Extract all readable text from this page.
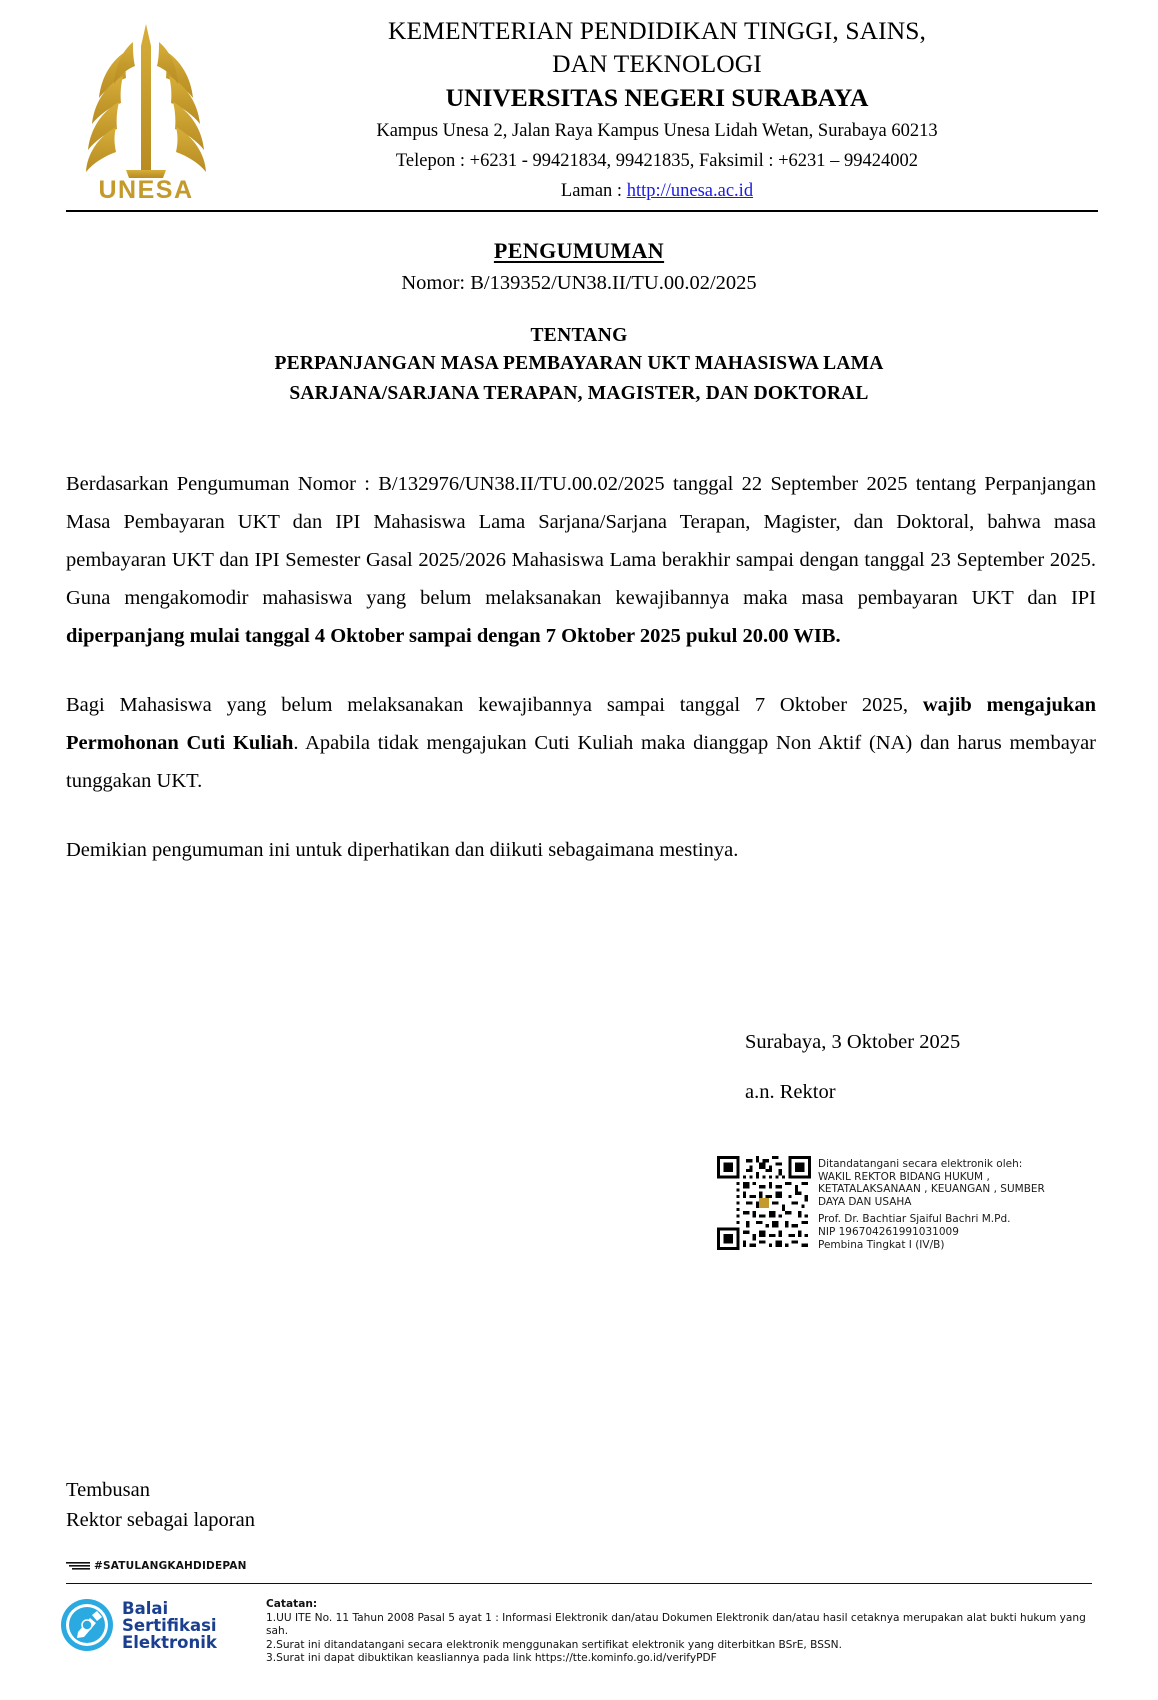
UNESA
KEMENTERIAN PENDIDIKAN TINGGI, SAINS,
DAN TEKNOLOGI
UNIVERSITAS NEGERI SURABAYA
Kampus Unesa 2, Jalan Raya Kampus Unesa Lidah Wetan, Surabaya 60213
Telepon : +6231 - 99421834, 99421835, Faksimil : +6231 – 99424002
Laman : http://unesa.ac.id
PENGUMUMAN
Nomor: B/139352/UN38.II/TU.00.02/2025
TENTANG
PERPANJANGAN MASA PEMBAYARAN UKT MAHASISWA LAMA
SARJANA/SARJANA TERAPAN, MAGISTER, DAN DOKTORAL

Berdasarkan Pengumuman Nomor : B/132976/UN38.II/TU.00.02/2025 tanggal 22 September 2025 tentang Perpanjangan Masa Pembayaran UKT dan IPI Mahasiswa Lama Sarjana/Sarjana Terapan, Magister, dan Doktoral, bahwa masa pembayaran UKT dan IPI Semester Gasal 2025/2026 Mahasiswa Lama berakhir sampai dengan tanggal 23 September 2025. Guna mengakomodir mahasiswa yang belum melaksanakan kewajibannya maka masa pembayaran UKT dan IPI diperpanjang mulai tanggal 4 Oktober sampai dengan 7 Oktober 2025 pukul 20.00 WIB.

Bagi Mahasiswa yang belum melaksanakan kewajibannya sampai tanggal 7 Oktober 2025, wajib mengajukan Permohonan Cuti Kuliah. Apabila tidak mengajukan Cuti Kuliah maka dianggap Non Aktif (NA) dan harus membayar tunggakan UKT.

Demikian pengumuman ini untuk diperhatikan dan diikuti sebagaimana mestinya.

Surabaya, 3 Oktober 2025
a.n. Rektor
Ditandatangani secara elektronik oleh:
WAKIL REKTOR BIDANG HUKUM ,
KETATALAKSANAAN , KEUANGAN , SUMBER
DAYA DAN USAHA
Prof. Dr. Bachtiar Sjaiful Bachri M.Pd.
NIP 196704261991031009
Pembina Tingkat I (IV/B)
Tembusan
Rektor sebagai laporan
#SATULANGKAHDIDEPAN
Balai
Sertifikasi
Elektronik
Catatan:
1.UU ITE No. 11 Tahun 2008 Pasal 5 ayat 1 : Informasi Elektronik dan/atau Dokumen Elektronik dan/atau hasil cetaknya merupakan alat bukti hukum yang sah.
2.Surat ini ditandatangani secara elektronik menggunakan sertifikat elektronik yang diterbitkan BSrE, BSSN.
3.Surat ini dapat dibuktikan keasliannya pada link https://tte.kominfo.go.id/verifyPDF
